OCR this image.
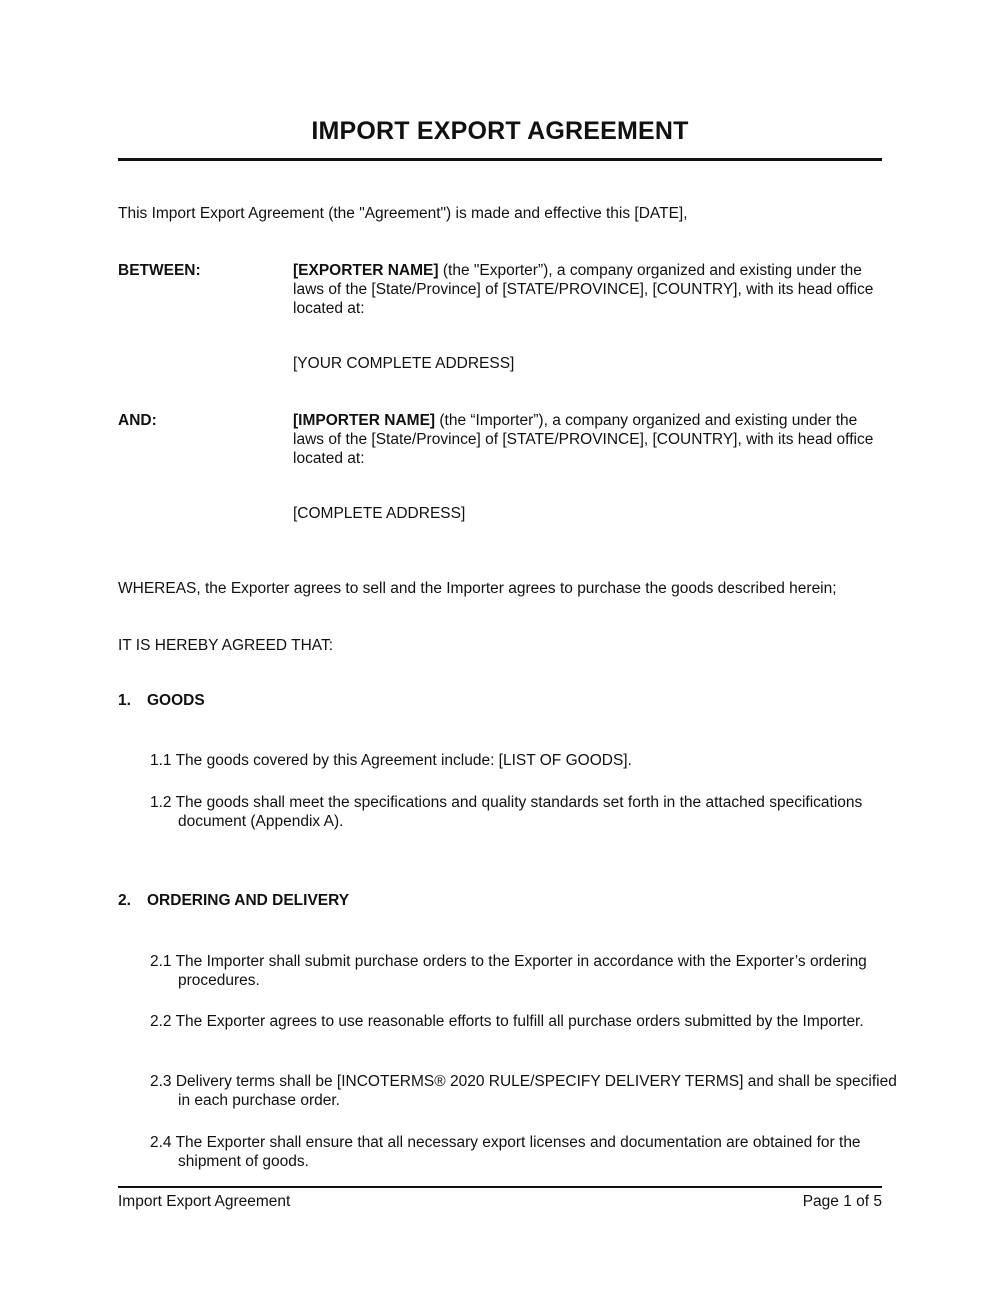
IMPORT EXPORT AGREEMENT
This Import Export Agreement (the "Agreement") is made and effective this [DATE],
BETWEEN:	[EXPORTER NAME] (the "Exporter”), a company organized and existing under the laws of the [State/Province] of [STATE/PROVINCE], [COUNTRY], with its head office located at:
[YOUR COMPLETE ADDRESS]
AND:	[IMPORTER NAME] (the “Importer”), a company organized and existing under the laws of the [State/Province] of [STATE/PROVINCE], [COUNTRY], with its head office located at:
[COMPLETE ADDRESS]
WHEREAS, the Exporter agrees to sell and the Importer agrees to purchase the goods described herein;
IT IS HEREBY AGREED THAT:
1. GOODS
1.1 The goods covered by this Agreement include: [LIST OF GOODS].
1.2 The goods shall meet the specifications and quality standards set forth in the attached specifications document (Appendix A).
2. ORDERING AND DELIVERY
2.1 The Importer shall submit purchase orders to the Exporter in accordance with the Exporter’s ordering procedures.
2.2 The Exporter agrees to use reasonable efforts to fulfill all purchase orders submitted by the Importer.
2.3 Delivery terms shall be [INCOTERMS® 2020 RULE/SPECIFY DELIVERY TERMS] and shall be specified in each purchase order.
2.4 The Exporter shall ensure that all necessary export licenses and documentation are obtained for the shipment of goods.
Import Export Agreement	Page 1 of 5
